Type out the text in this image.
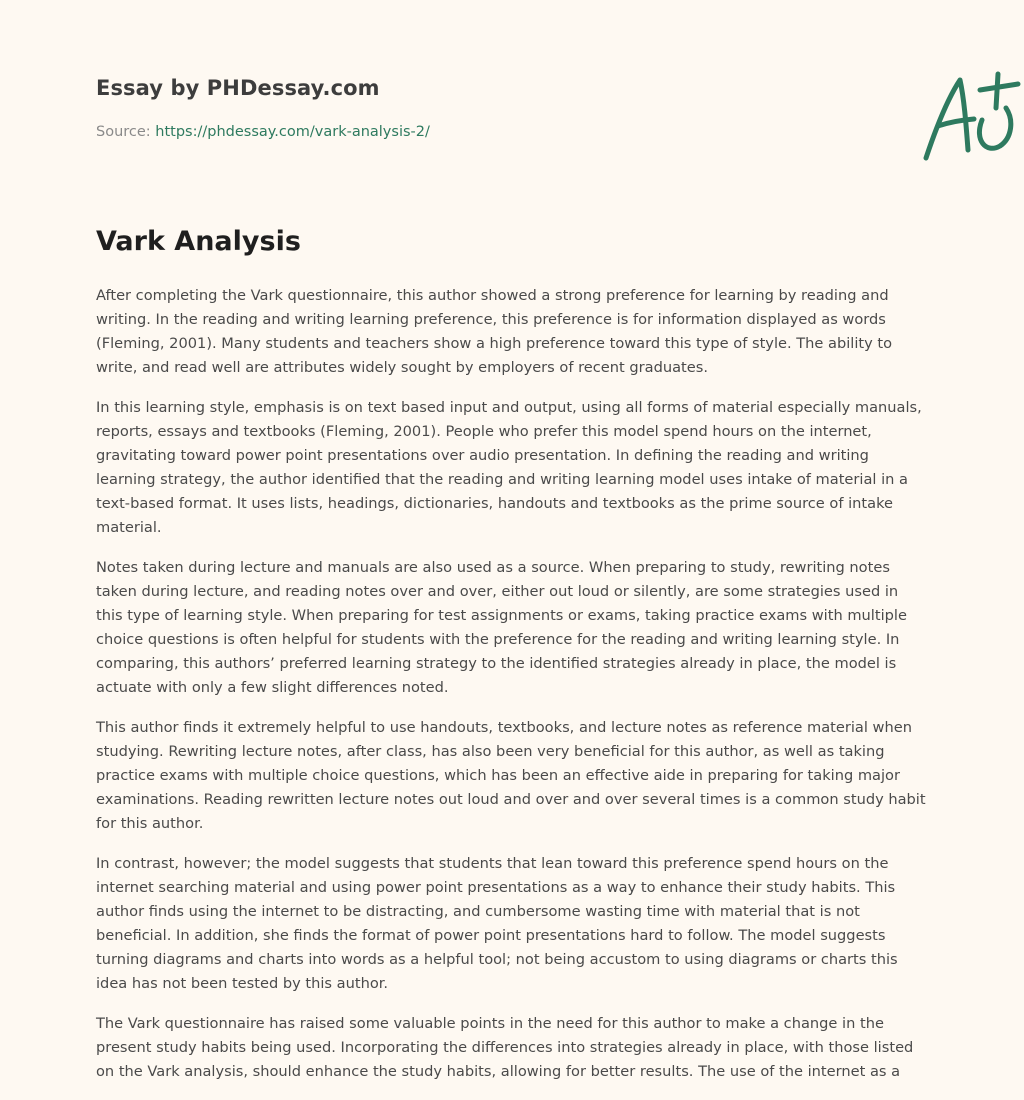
Essay by PHDessay.com
Source: https://phdessay.com/vark-analysis-2/
Vark Analysis

After completing the Vark questionnaire, this author showed a strong preference for learning by reading and writing. In the reading and writing learning preference, this preference is for information displayed as words (Fleming, 2001). Many students and teachers show a high preference toward this type of style. The ability to write, and read well are attributes widely sought by employers of recent graduates.

In this learning style, emphasis is on text based input and output, using all forms of material especially manuals, reports, essays and textbooks (Fleming, 2001). People who prefer this model spend hours on the internet, gravitating toward power point presentations over audio presentation. In defining the reading and writing learning strategy, the author identified that the reading and writing learning model uses intake of material in a text-based format. It uses lists, headings, dictionaries, handouts and textbooks as the prime source of intake material.

Notes taken during lecture and manuals are also used as a source. When preparing to study, rewriting notes taken during lecture, and reading notes over and over, either out loud or silently, are some strategies used in this type of learning style. When preparing for test assignments or exams, taking practice exams with multiple choice questions is often helpful for students with the preference for the reading and writing learning style. In comparing, this authors’ preferred learning strategy to the identified strategies already in place, the model is actuate with only a few slight differences noted.

This author finds it extremely helpful to use handouts, textbooks, and lecture notes as reference material when studying. Rewriting lecture notes, after class, has also been very beneficial for this author, as well as taking practice exams with multiple choice questions, which has been an effective aide in preparing for taking major examinations. Reading rewritten lecture notes out loud and over and over several times is a common study habit for this author.

In contrast, however; the model suggests that students that lean toward this preference spend hours on the internet searching material and using power point presentations as a way to enhance their study habits. This author finds using the internet to be distracting, and cumbersome wasting time with material that is not beneficial. In addition, she finds the format of power point presentations hard to follow. The model suggests turning diagrams and charts into words as a helpful tool; not being accustom to using diagrams or charts this idea has not been tested by this author.

The Vark questionnaire has raised some valuable points in the need for this author to make a change in the present study habits being used. Incorporating the differences into strategies already in place, with those listed on the Vark analysis, should enhance the study habits, allowing for better results. The use of the internet as a
